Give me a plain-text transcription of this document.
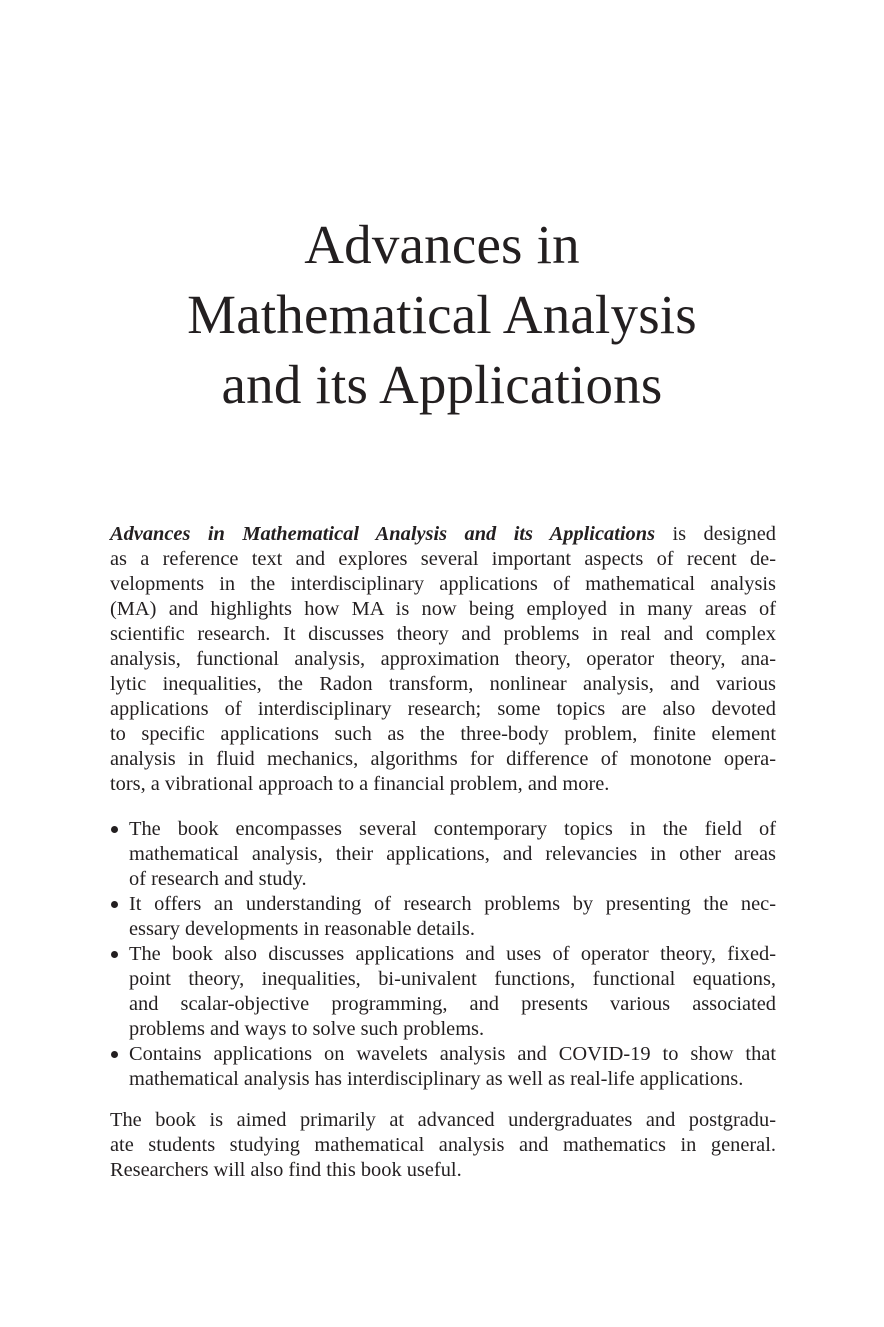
Advances in
Mathematical Analysis
and its Applications
Advances in Mathematical Analysis and its Applications is designed
as a reference text and explores several important aspects of recent de-
velopments in the interdisciplinary applications of mathematical analysis
(MA) and highlights how MA is now being employed in many areas of
scientific research. It discusses theory and problems in real and complex
analysis, functional analysis, approximation theory, operator theory, ana-
lytic inequalities, the Radon transform, nonlinear analysis, and various
applications of interdisciplinary research; some topics are also devoted
to specific applications such as the three-body problem, finite element
analysis in fluid mechanics, algorithms for difference of monotone opera-
tors, a vibrational approach to a financial problem, and more.
The book encompasses several contemporary topics in the field of
mathematical analysis, their applications, and relevancies in other areas
of research and study.
It offers an understanding of research problems by presenting the nec-
essary developments in reasonable details.
The book also discusses applications and uses of operator theory, fixed-
point theory, inequalities, bi-univalent functions, functional equations,
and scalar-objective programming, and presents various associated
problems and ways to solve such problems.
Contains applications on wavelets analysis and COVID-19 to show that
mathematical analysis has interdisciplinary as well as real-life applications.
The book is aimed primarily at advanced undergraduates and postgradu-
ate students studying mathematical analysis and mathematics in general.
Researchers will also find this book useful.
